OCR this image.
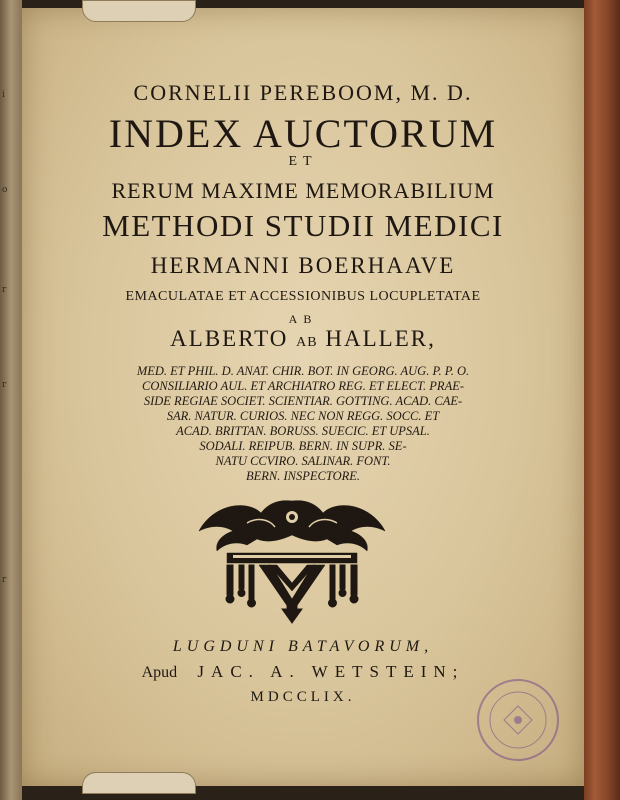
i
o
r
r
r
CORNELII PEREBOOM, M. D.
INDEX AUCTORUM
ET
RERUM MAXIME MEMORABILIUM
METHODI STUDII MEDICI
HERMANNI BOERHAAVE
EMACULATAE ET ACCESSIONIBUS LOCUPLETATAE
AB
ALBERTO AB HALLER,
MED. ET PHIL. D. ANAT. CHIR. BOT. IN GEORG. AUG. P. P. O.
CONSILIARIO AUL. ET ARCHIATRO REG. ET ELECT. PRAE-
SIDE REGIAE SOCIET. SCIENTIAR. GOTTING. ACAD. CAE-
SAR. NATUR. CURIOS. NEC NON REGG. SOCC. ET
ACAD. BRITTAN. BORUSS. SUECIC. ET UPSAL.
SODALI. REIPUB. BERN. IN SUPR. SE-
NATU CCVIRO. SALINAR. FONT.
BERN. INSPECTORE.
LUGDUNI BATAVORUM,
Apud JAC. A. WETSTEIN;
MDCCLIX.
